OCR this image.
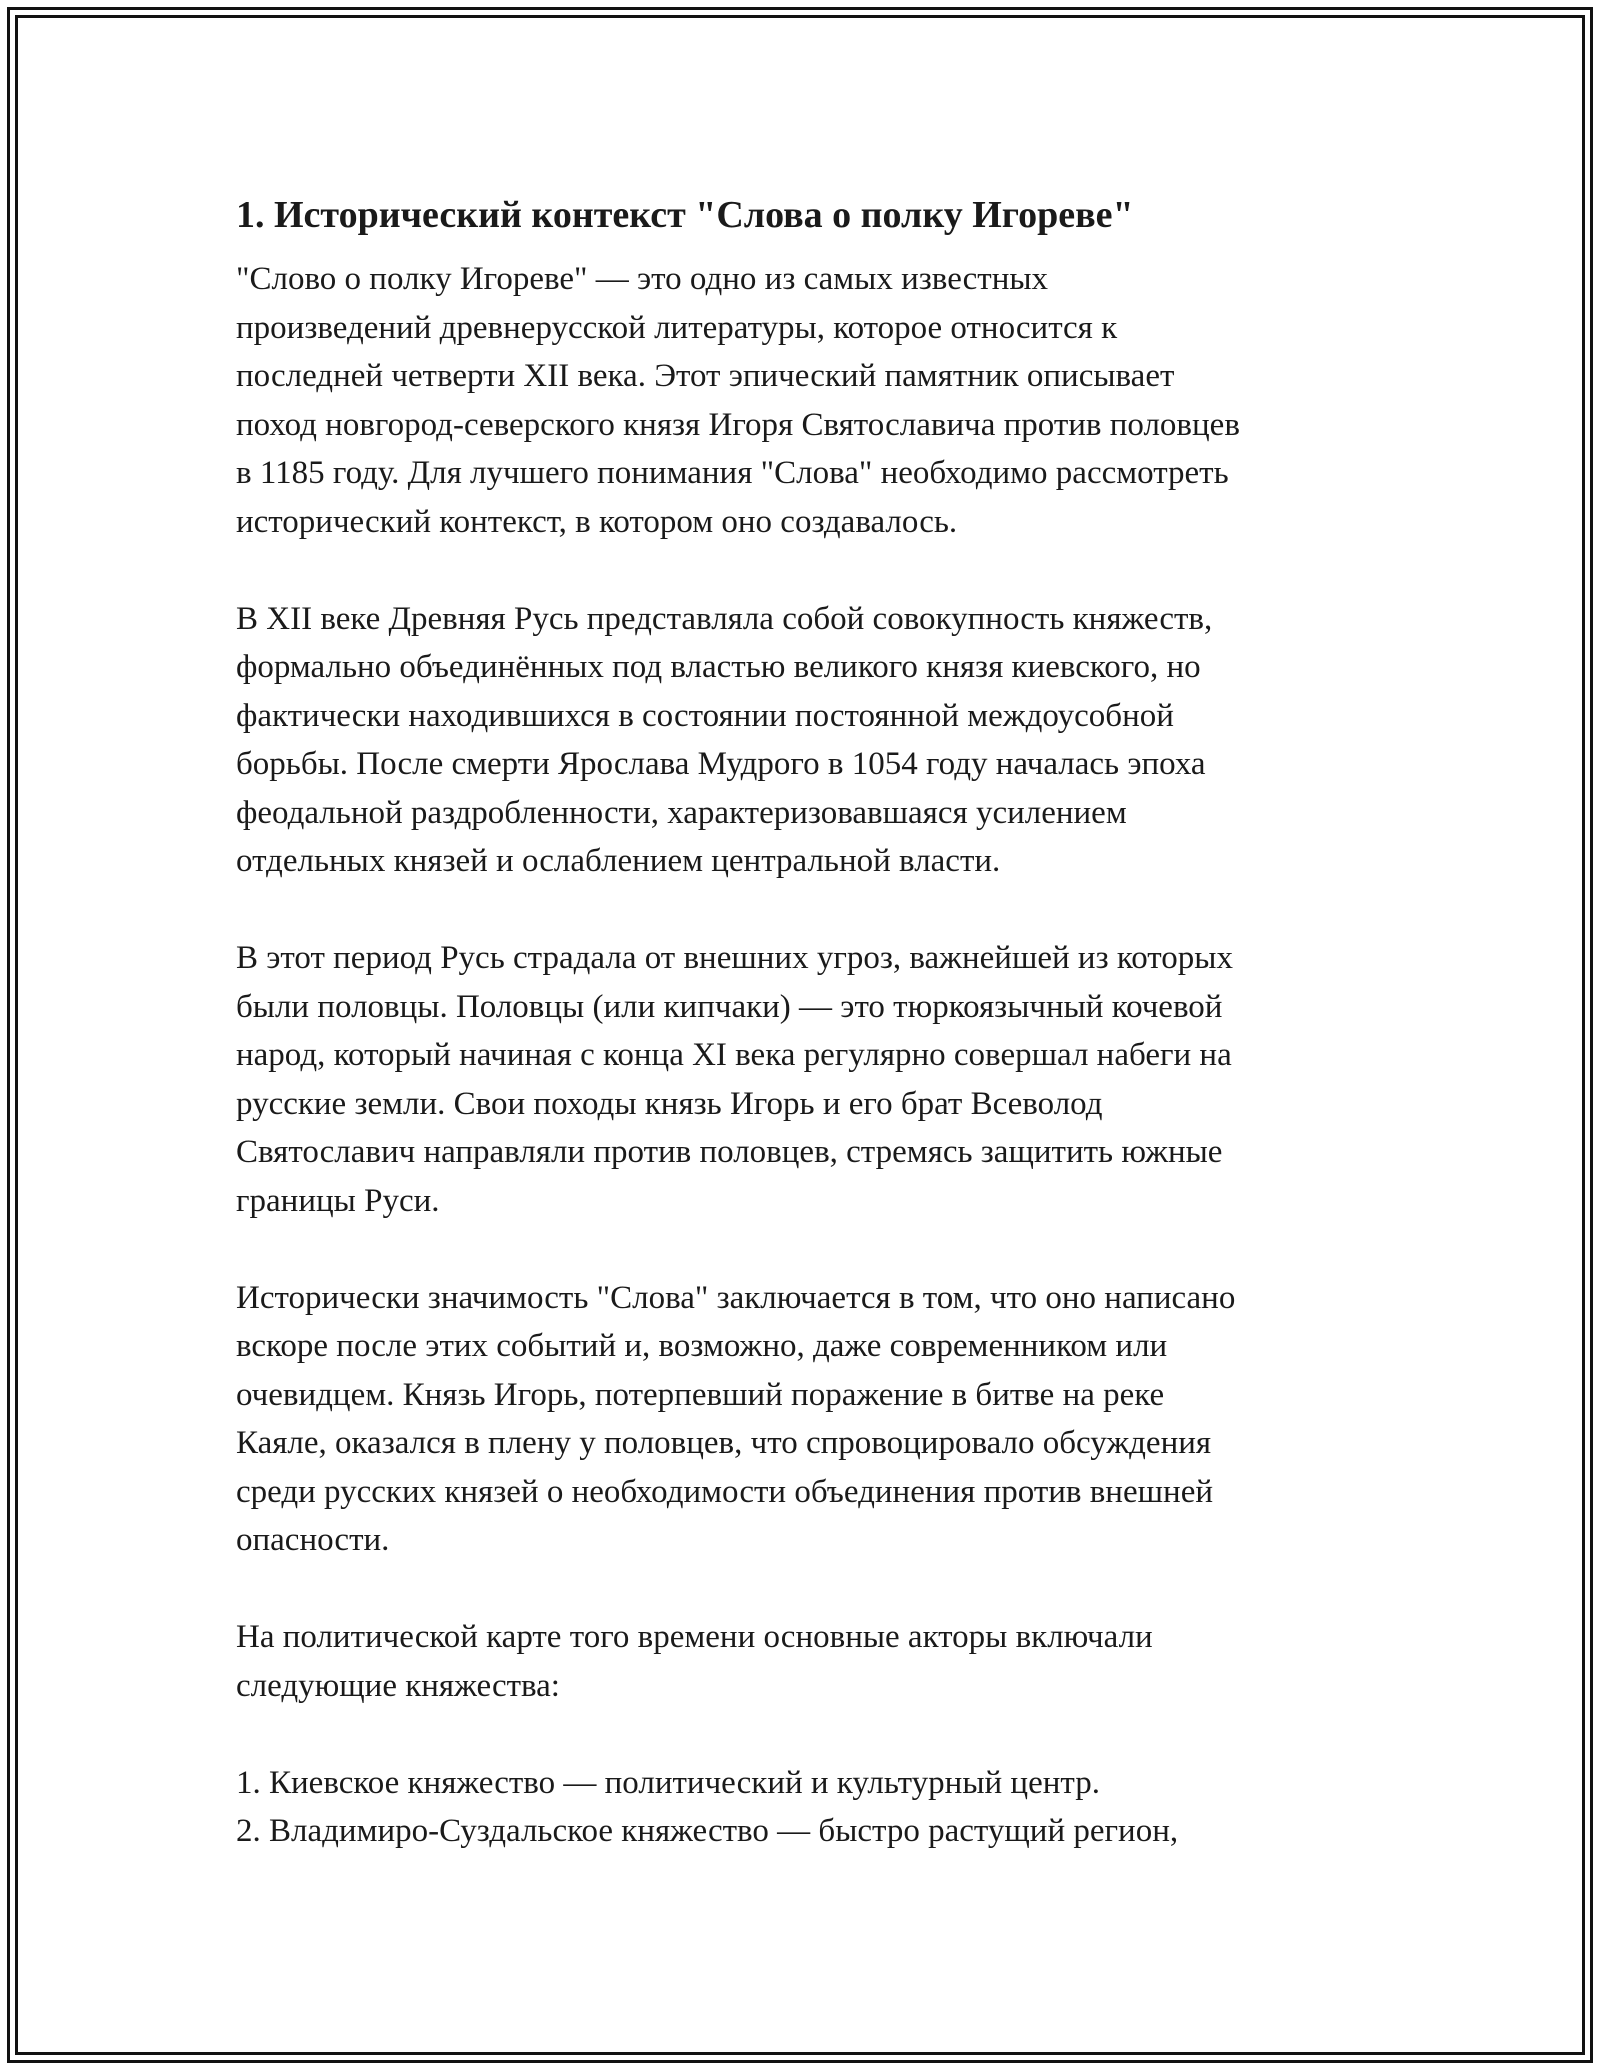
1. Исторический контекст "Слова о полку Игореве"

"Слово о полку Игореве" — это одно из самых известных
произведений древнерусской литературы, которое относится к
последней четверти XII века. Этот эпический памятник описывает
поход новгород-северского князя Игоря Святославича против половцев
в 1185 году. Для лучшего понимания "Слова" необходимо рассмотреть
исторический контекст, в котором оно создавалось.

В XII веке Древняя Русь представляла собой совокупность княжеств,
формально объединённых под властью великого князя киевского, но
фактически находившихся в состоянии постоянной междоусобной
борьбы. После смерти Ярослава Мудрого в 1054 году началась эпоха
феодальной раздробленности, характеризовавшаяся усилением
отдельных князей и ослаблением центральной власти.

В этот период Русь страдала от внешних угроз, важнейшей из которых
были половцы. Половцы (или кипчаки) — это тюркоязычный кочевой
народ, который начиная с конца XI века регулярно совершал набеги на
русские земли. Свои походы князь Игорь и его брат Всеволод
Святославич направляли против половцев, стремясь защитить южные
границы Руси.

Исторически значимость "Слова" заключается в том, что оно написано
вскоре после этих событий и, возможно, даже современником или
очевидцем. Князь Игорь, потерпевший поражение в битве на реке
Каяле, оказался в плену у половцев, что спровоцировало обсуждения
среди русских князей о необходимости объединения против внешней
опасности.

На политической карте того времени основные акторы включали
следующие княжества:

1. Киевское княжество — политический и культурный центр.
2. Владимиро-Суздальское княжество — быстро растущий регион,
